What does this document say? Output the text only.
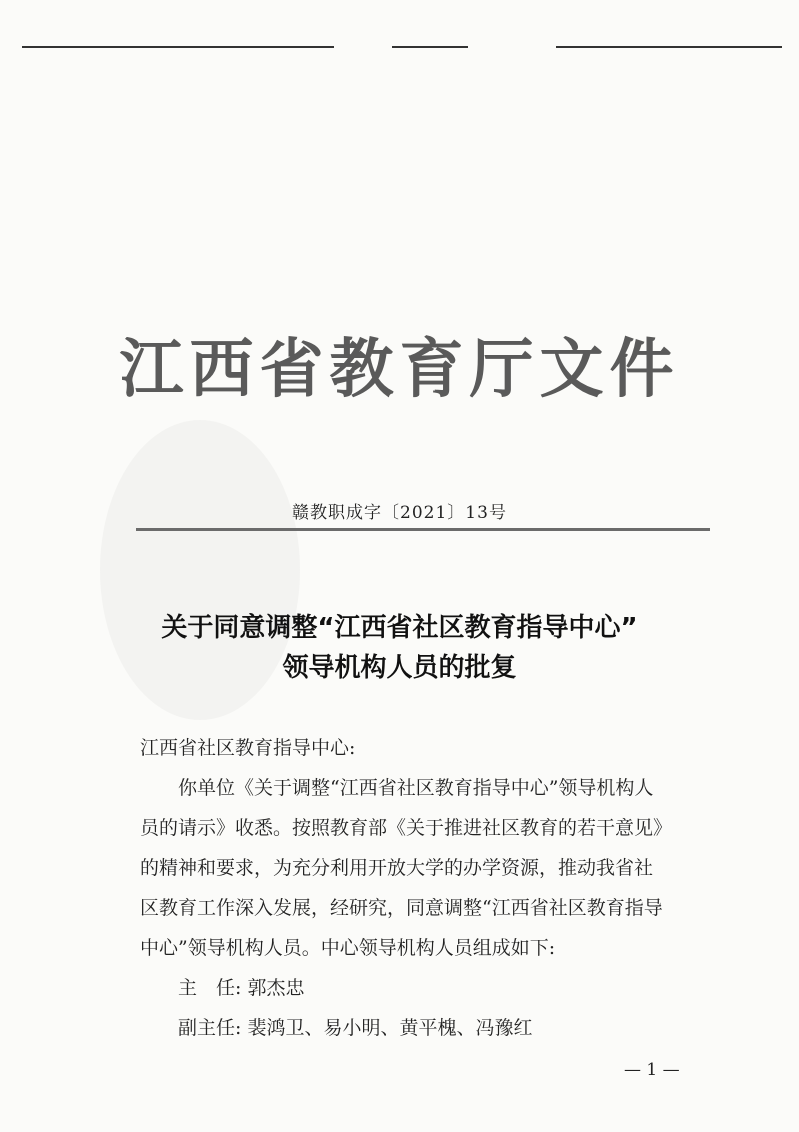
江西省教育厅文件
赣教职成字〔2021〕13号
关于同意调整“江西省社区教育指导中心”
领导机构人员的批复

江西省社区教育指导中心:

你单位《关于调整“江西省社区教育指导中心”领导机构人员的请示》收悉。按照教育部《关于推进社区教育的若干意见》的精神和要求，为充分利用开放大学的办学资源，推动我省社区教育工作深入发展，经研究，同意调整“江西省社区教育指导中心”领导机构人员。中心领导机构人员组成如下:

主　任: 郭杰忠

副主任: 裴鸿卫、易小明、黄平槐、冯豫红

— 1 —
